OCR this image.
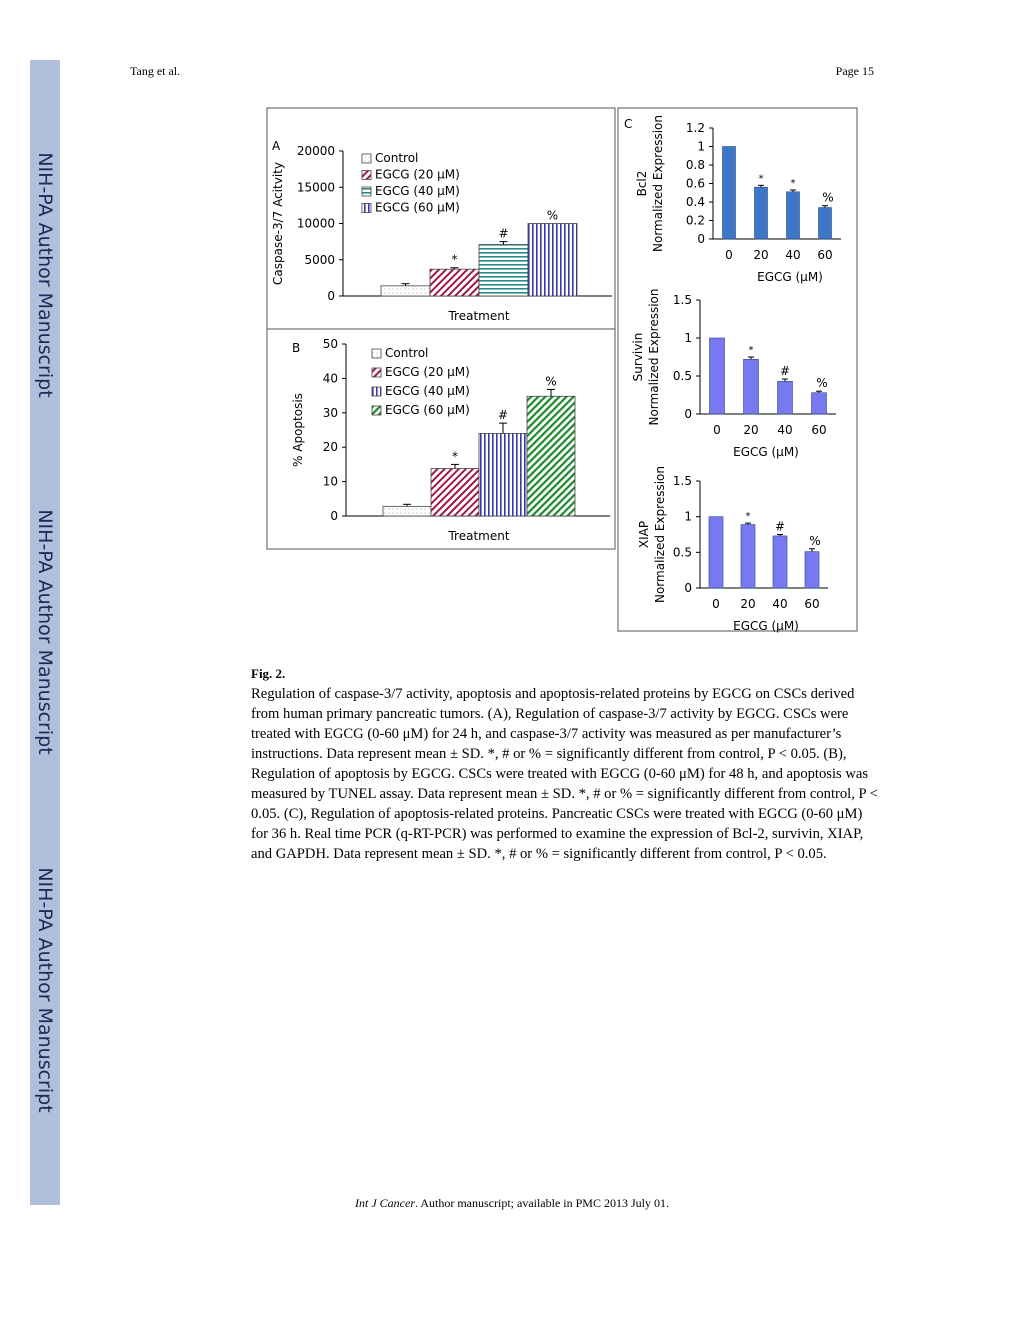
NIH-PA Author Manuscript
NIH-PA Author Manuscript
NIH-PA Author Manuscript
Tang et al.	Page 15
A
B
C
0
5000
10000
15000
20000
Caspase-3/7 Acitvity
Treatment
Control
*
EGCG (20 μM)
#
EGCG (40 μM)
%
EGCG (60 μM)
0
10
20
30
40
50
% Apoptosis
Treatment
Control
*
EGCG (20 μM)
#
EGCG (40 μM)
%
EGCG (60 μM)
0
0.2
0.4
0.6
0.8
1
1.2
0
*
20
*
40
%
60
Bcl2 Normalized Expression
EGCG (μM)
0
0.5
1
1.5
0
*
20
#
40
%
60
Survivin Normalized Expression
EGCG (μM)
0
0.5
1
1.5
0
*
20
#
40
%
60
XIAP Normalized Expression
EGCG (μM)
Fig. 2.
Regulation of caspase-3/7 activity, apoptosis and apoptosis-related proteins by EGCG on CSCs derived from human primary pancreatic tumors. (A), Regulation of caspase-3/7 activity by EGCG. CSCs were treated with EGCG (0-60 μM) for 24 h, and caspase-3/7 activity was measured as per manufacturer’s instructions. Data represent mean ± SD. *, # or % = significantly different from control, P < 0.05. (B), Regulation of apoptosis by EGCG. CSCs were treated with EGCG (0-60 μM) for 48 h, and apoptosis was measured by TUNEL assay. Data represent mean ± SD. *, # or % = significantly different from control, P < 0.05. (C), Regulation of apoptosis-related proteins. Pancreatic CSCs were treated with EGCG (0-60 μM) for 36 h. Real time PCR (q-RT-PCR) was performed to examine the expression of Bcl-2, survivin, XIAP, and GAPDH. Data represent mean ± SD. *, # or % = significantly different from control, P < 0.05.
Int J Cancer. Author manuscript; available in PMC 2013 July 01.
